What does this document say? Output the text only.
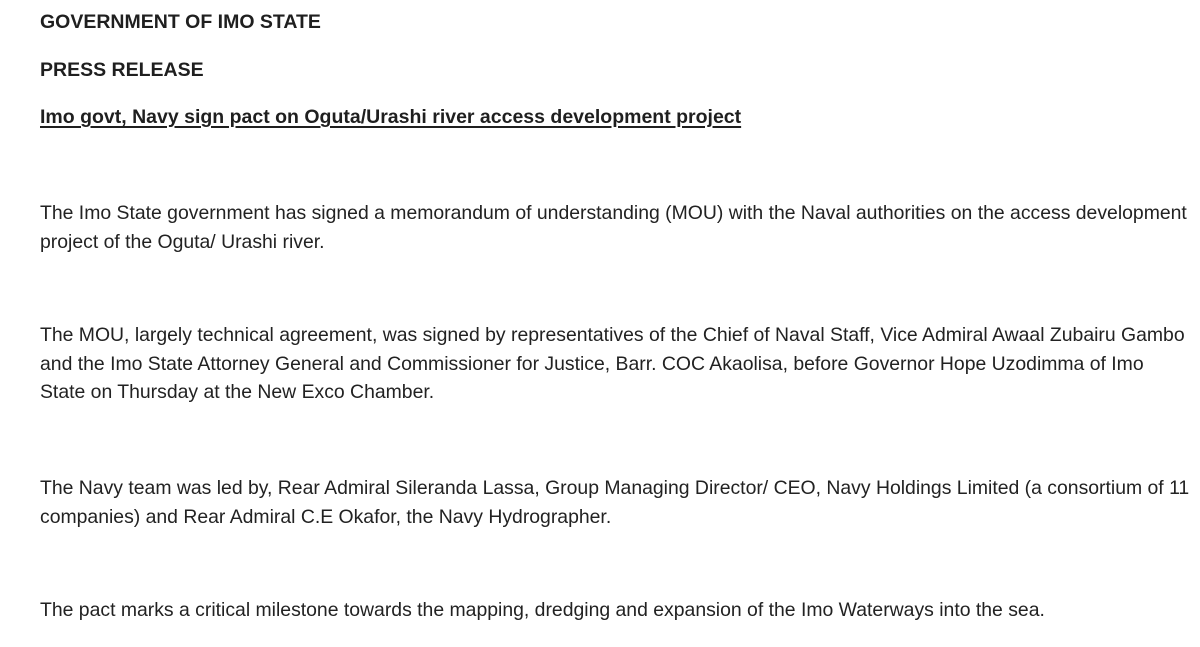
GOVERNMENT OF IMO STATE
PRESS RELEASE
Imo govt, Navy sign pact on Oguta/Urashi river access development project

The Imo State government has signed a memorandum of understanding (MOU) with the Naval authorities on the access development project of the Oguta/ Urashi river.

The MOU, largely technical agreement, was signed by representatives of the Chief of Naval Staff, Vice Admiral Awaal Zubairu Gambo and the Imo State Attorney General and Commissioner for Justice, Barr. COC Akaolisa, before Governor Hope Uzodimma of Imo State on Thursday at the New Exco Chamber.

The Navy team was led by, Rear Admiral Sileranda Lassa, Group Managing Director/ CEO, Navy Holdings Limited (a consortium of 11 companies) and Rear Admiral C.E Okafor, the Navy Hydrographer.

The pact marks a critical milestone towards the mapping, dredging and expansion of the Imo Waterways into the sea.
